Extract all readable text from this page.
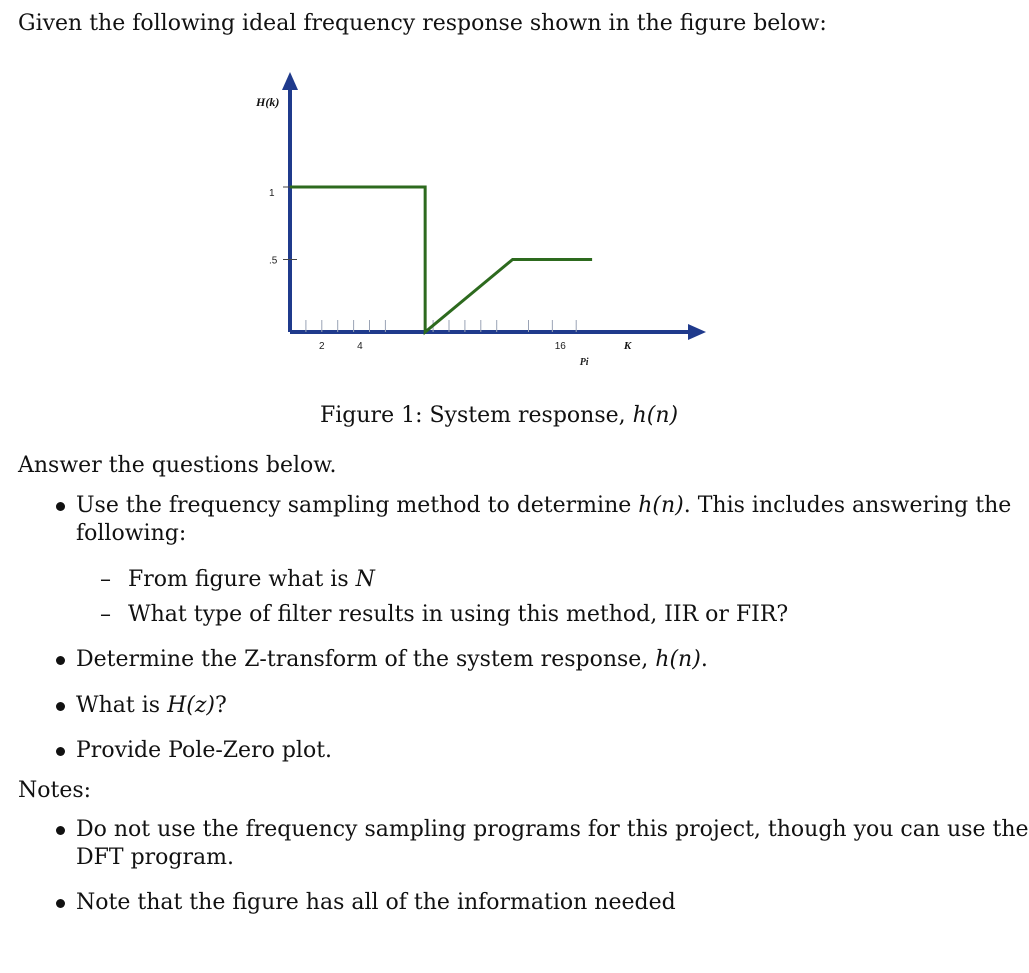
Given the following ideal frequency response shown in the figure below:
2	4	16
Pi
1
.5
H(k)
K
Figure 1: System response, h(n)
Answer the questions below.
Use the frequency sampling method to determine h(n). This includes answering the
following:
– From figure what is N
– What type of filter results in using this method, IIR or FIR?
Determine the Z-transform of the system response, h(n).
What is H(z)?
Provide Pole-Zero plot.
Notes:
Do not use the frequency sampling programs for this project, though you can use the
DFT program.
Note that the figure has all of the information needed
